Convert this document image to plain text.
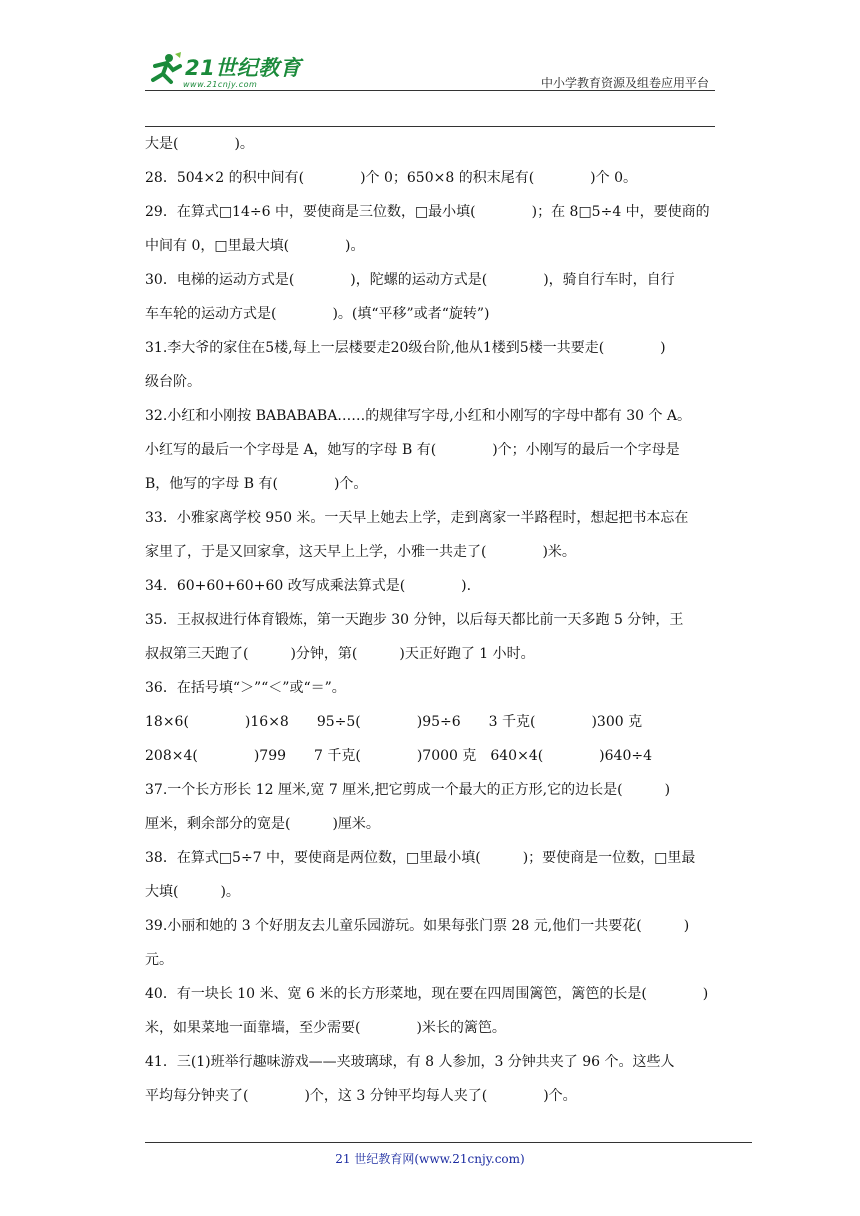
21世纪教育
www.21cnjy.com	中小学教育资源及组卷应用平台
大是(　　　　)。
28．504×2 的积中间有(　　　　)个 0；650×8 的积末尾有(　　　　)个 0。
29．在算式□14÷6 中，要使商是三位数，□最小填(　　　　)；在 8□5÷4 中，要使商的
中间有 0，□里最大填(　　　　)。
30．电梯的运动方式是(　　　　)，陀螺的运动方式是(　　　　)，骑自行车时，自行
车车轮的运动方式是(　　　　)。(填“平移”或者“旋转”)
31.李大爷的家住在5楼,每上一层楼要走20级台阶,他从1楼到5楼一共要走(　　　　)
级台阶。
32.小红和小刚按 BABABABA……的规律写字母,小红和小刚写的字母中都有 30 个 A。
小红写的最后一个字母是 A，她写的字母 B 有(　　　　)个；小刚写的最后一个字母是
B，他写的字母 B 有(　　　　)个。
33．小雅家离学校 950 米。一天早上她去上学，走到离家一半路程时，想起把书本忘在
家里了，于是又回家拿，这天早上上学，小雅一共走了(　　　　)米。
34．60+60+60+60 改写成乘法算式是(　　　　).
35．王叔叔进行体育锻炼，第一天跑步 30 分钟，以后每天都比前一天多跑 5 分钟，王
叔叔第三天跑了(　　　)分钟，第(　　　)天正好跑了 1 小时。
36．在括号填“＞”“＜”或“＝”。
18×6(　　　　)16×8　　95÷5(　　　　)95÷6　　3 千克(　　　　)300 克
208×4(　　　　)799　　7 千克(　　　　)7000 克　640×4(　　　　)640÷4
37.一个长方形长 12 厘米,宽 7 厘米,把它剪成一个最大的正方形,它的边长是(　　　)
厘米，剩余部分的宽是(　　　)厘米。
38．在算式□5÷7 中，要使商是两位数，□里最小填(　　　)；要使商是一位数，□里最
大填(　　　)。
39.小丽和她的 3 个好朋友去儿童乐园游玩。如果每张门票 28 元,他们一共要花(　　　)
元。
40．有一块长 10 米、宽 6 米的长方形菜地，现在要在四周围篱笆，篱笆的长是(　　　　)
米，如果菜地一面靠墙，至少需要(　　　　)米长的篱笆。
41．三(1)班举行趣味游戏——夹玻璃球，有 8 人参加，3 分钟共夹了 96 个。这些人
平均每分钟夹了(　　　　)个，这 3 分钟平均每人夹了(　　　　)个。
21 世纪教育网(www.21cnjy.com)
